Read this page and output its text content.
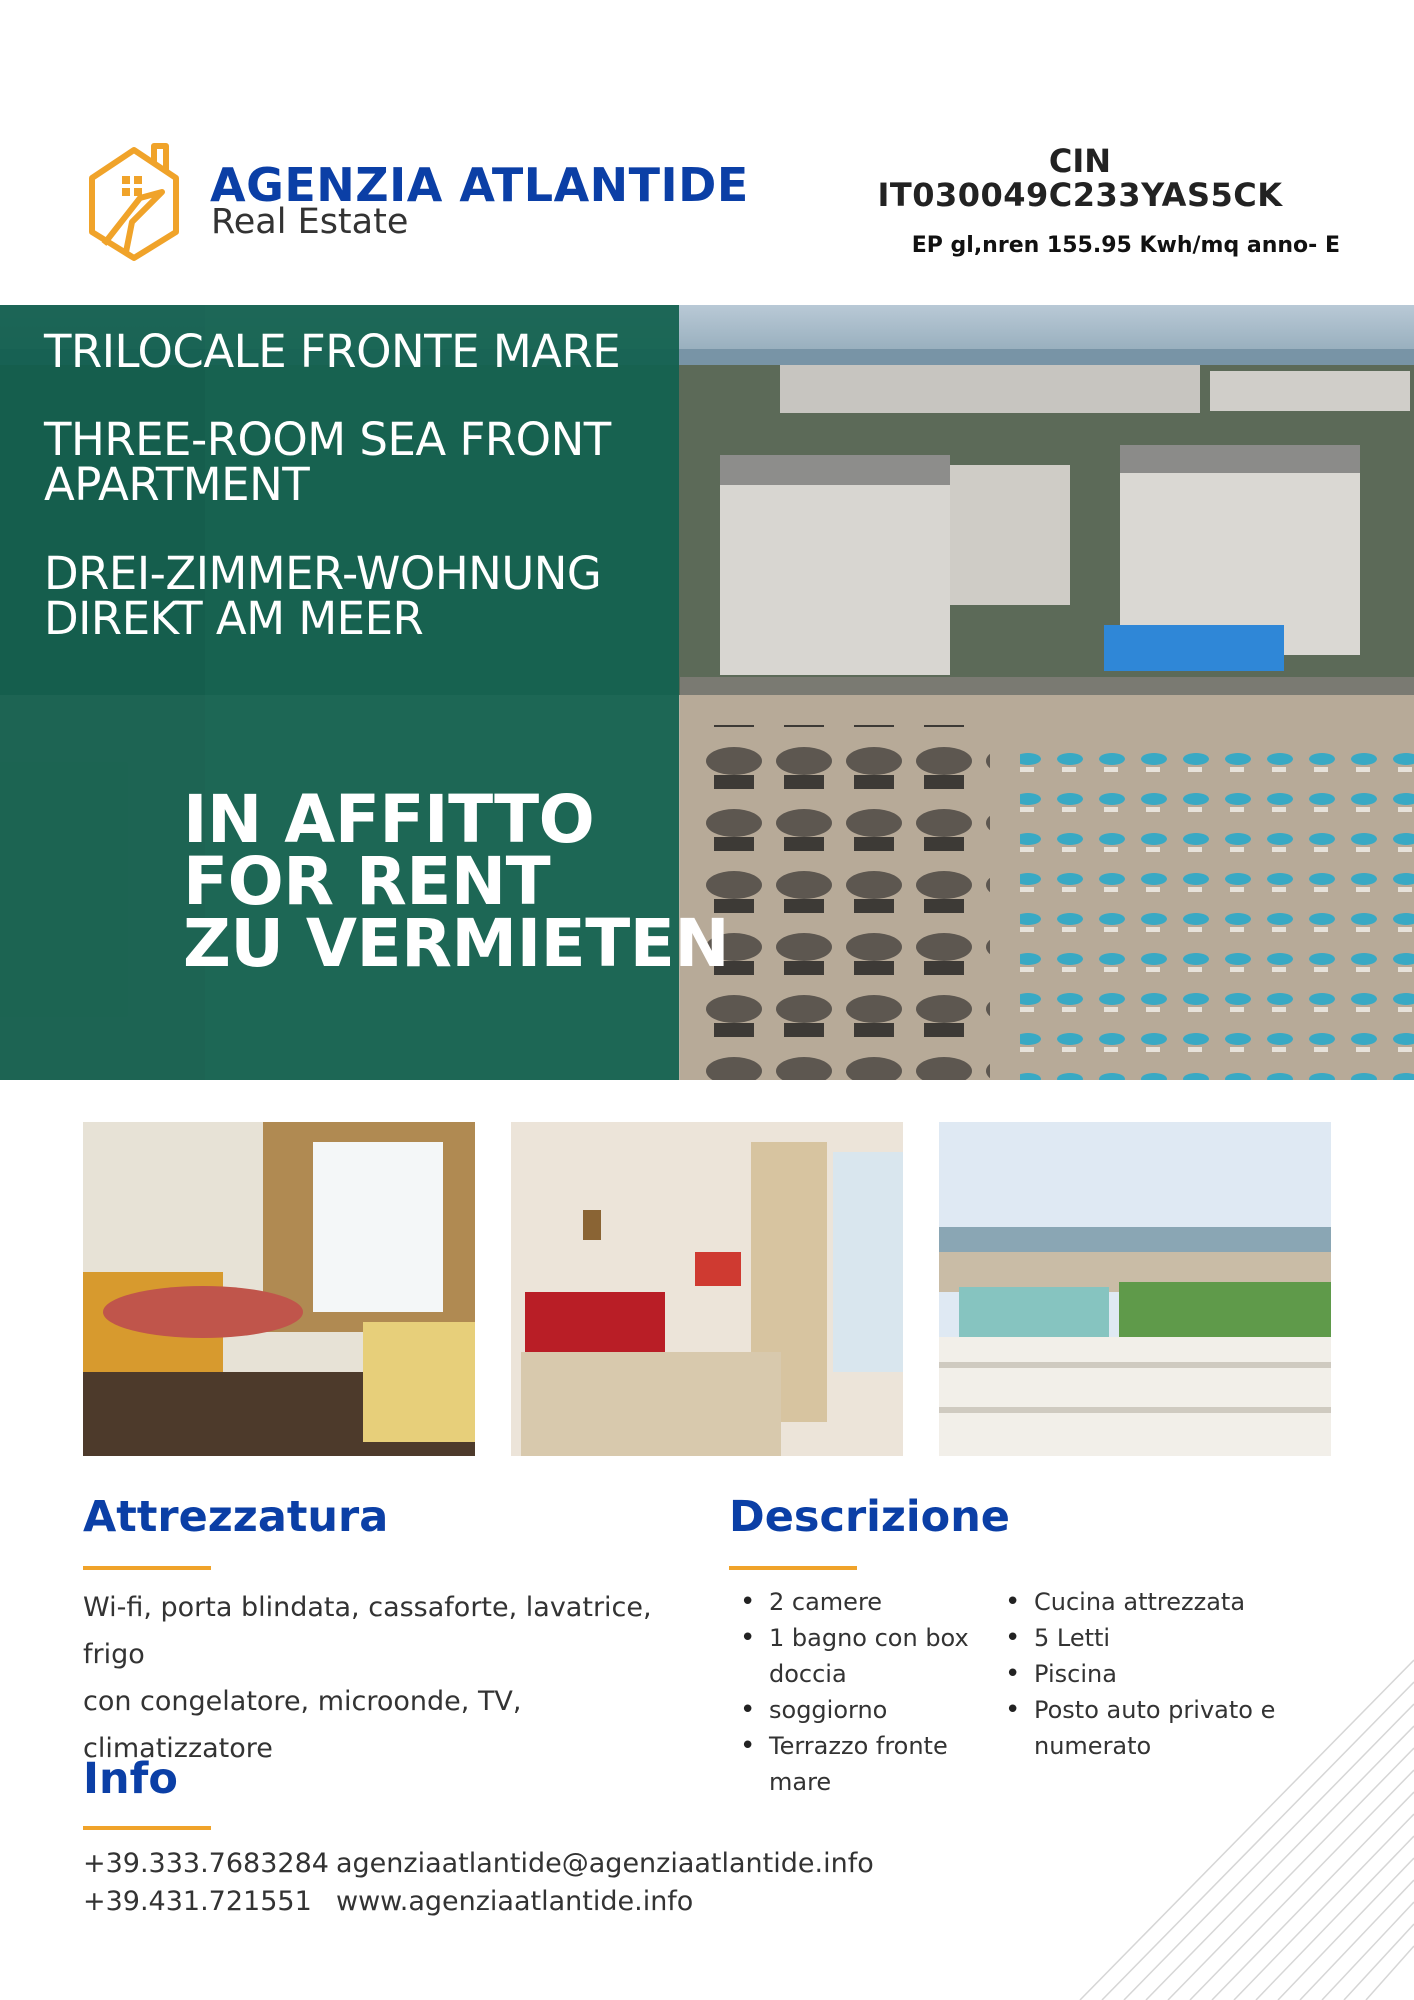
AGENZIA ATLANTIDE
Real Estate
CIN
IT030049C233YAS5CK
EP gl,nren 155.95 Kwh/mq anno- E
TRILOCALE FRONTE MARE
THREE-ROOM SEA FRONT
APARTMENT
DREI-ZIMMER-WOHNUNG
DIREKT AM MEER
IN AFFITTO
FOR RENT
ZU VERMIETEN
Attrezzatura
Wi-fi, porta blindata, cassaforte, lavatrice, frigo
con congelatore, microonde, TV, climatizzatore
Descrizione
• 2 camere
• 1 bagno con box doccia
• soggiorno
• Terrazzo fronte mare
• Cucina attrezzata
• 5 Letti
• Piscina
• Posto auto privato e numerato
Info
+39.333.7683284
+39.431.721551
agenziaatlantide@agenziaatlantide.info
www.agenziaatlantide.info
